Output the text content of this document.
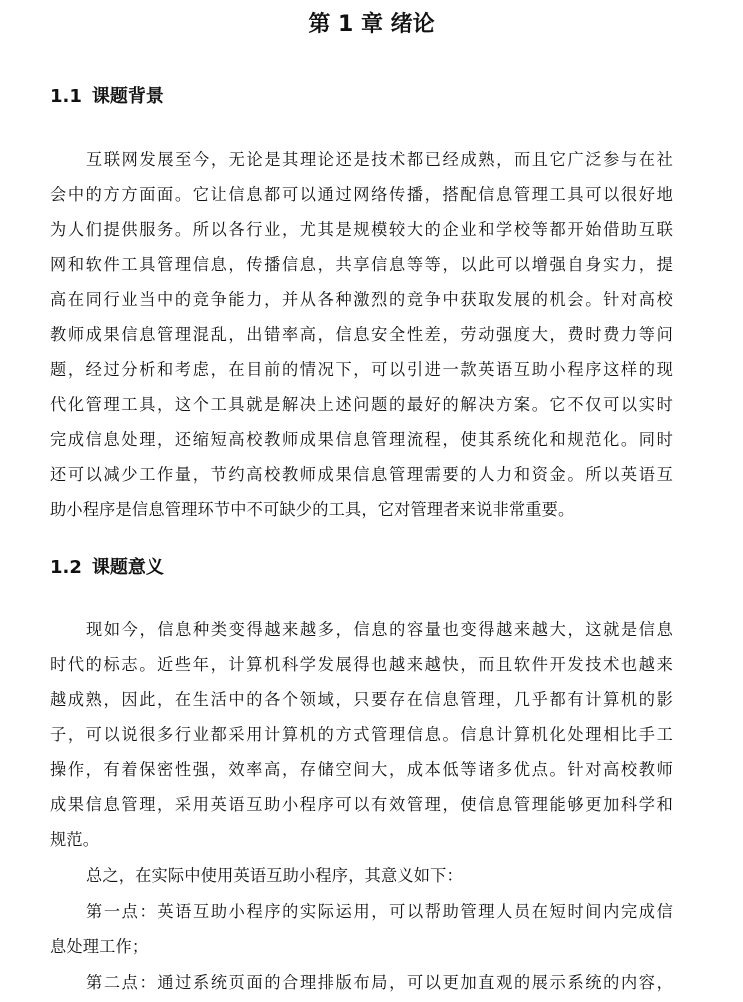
第 1 章 绪论
1.1 课题背景
互联网发展至今，无论是其理论还是技术都已经成熟，而且它广泛参与在社
会中的方方面面。它让信息都可以通过网络传播，搭配信息管理工具可以很好地
为人们提供服务。所以各行业，尤其是规模较大的企业和学校等都开始借助互联
网和软件工具管理信息，传播信息，共享信息等等，以此可以增强自身实力，提
高在同行业当中的竞争能力，并从各种激烈的竞争中获取发展的机会。针对高校
教师成果信息管理混乱，出错率高，信息安全性差，劳动强度大，费时费力等问
题，经过分析和考虑，在目前的情况下，可以引进一款英语互助小程序这样的现
代化管理工具，这个工具就是解决上述问题的最好的解决方案。它不仅可以实时
完成信息处理，还缩短高校教师成果信息管理流程，使其系统化和规范化。同时
还可以减少工作量，节约高校教师成果信息管理需要的人力和资金。所以英语互
助小程序是信息管理环节中不可缺少的工具，它对管理者来说非常重要。
1.2 课题意义
现如今，信息种类变得越来越多，信息的容量也变得越来越大，这就是信息
时代的标志。近些年，计算机科学发展得也越来越快，而且软件开发技术也越来
越成熟，因此，在生活中的各个领域，只要存在信息管理，几乎都有计算机的影
子，可以说很多行业都采用计算机的方式管理信息。信息计算机化处理相比手工
操作，有着保密性强，效率高，存储空间大，成本低等诸多优点。针对高校教师
成果信息管理，采用英语互助小程序可以有效管理，使信息管理能够更加科学和
规范。
总之，在实际中使用英语互助小程序，其意义如下：
第一点：英语互助小程序的实际运用，可以帮助管理人员在短时间内完成信
息处理工作；
第二点：通过系统页面的合理排版布局，可以更加直观的展示系统的内容，
